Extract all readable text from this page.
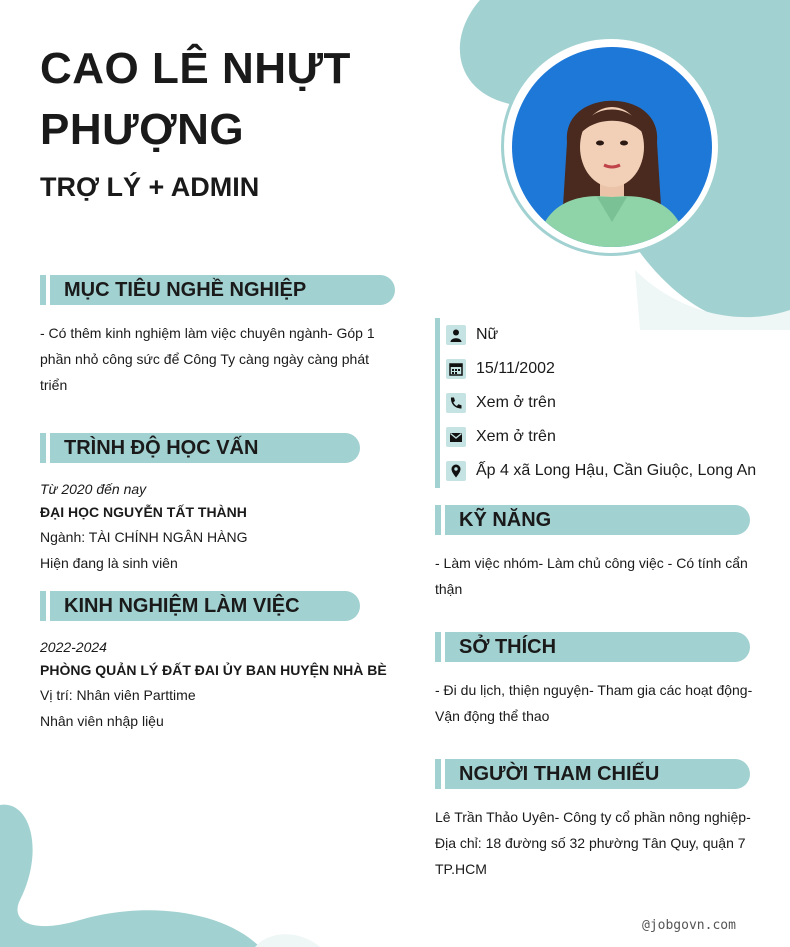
CAO LÊ NHỰT
PHƯỢNG
TRỢ LÝ + ADMIN
MỤC TIÊU NGHỀ NGHIỆP

- Có thêm kinh nghiệm làm việc chuyên ngành- Góp 1
phần nhỏ công sức để Công Ty càng ngày càng phát
triển

TRÌNH ĐỘ HỌC VẤN

Từ 2020 đến nay

ĐẠI HỌC NGUYỄN TẤT THÀNH

Ngành: TÀI CHÍNH NGÂN HÀNG

Hiện đang là sinh viên

KINH NGHIỆM LÀM VIỆC

2022-2024

PHÒNG QUẢN LÝ ĐẤT ĐAI ỦY BAN HUYỆN NHÀ BÈ

Vị trí: Nhân viên Parttime

Nhân viên nhập liệu

Nữ
15/11/2002
Xem ở trên
Xem ở trên
Ấp 4 xã Long Hậu, Cần Giuộc, Long An
KỸ NĂNG

- Làm việc nhóm- Làm chủ công việc - Có tính cẩn
thận

SỞ THÍCH

- Đi du lịch, thiện nguyện- Tham gia các hoạt động-
Vận động thể thao

NGƯỜI THAM CHIẾU

Lê Trần Thảo Uyên- Công ty cổ phần nông nghiệp-
Địa chỉ: 18 đường số 32 phường Tân Quy, quận 7
TP.HCM

@jobgovn.com
